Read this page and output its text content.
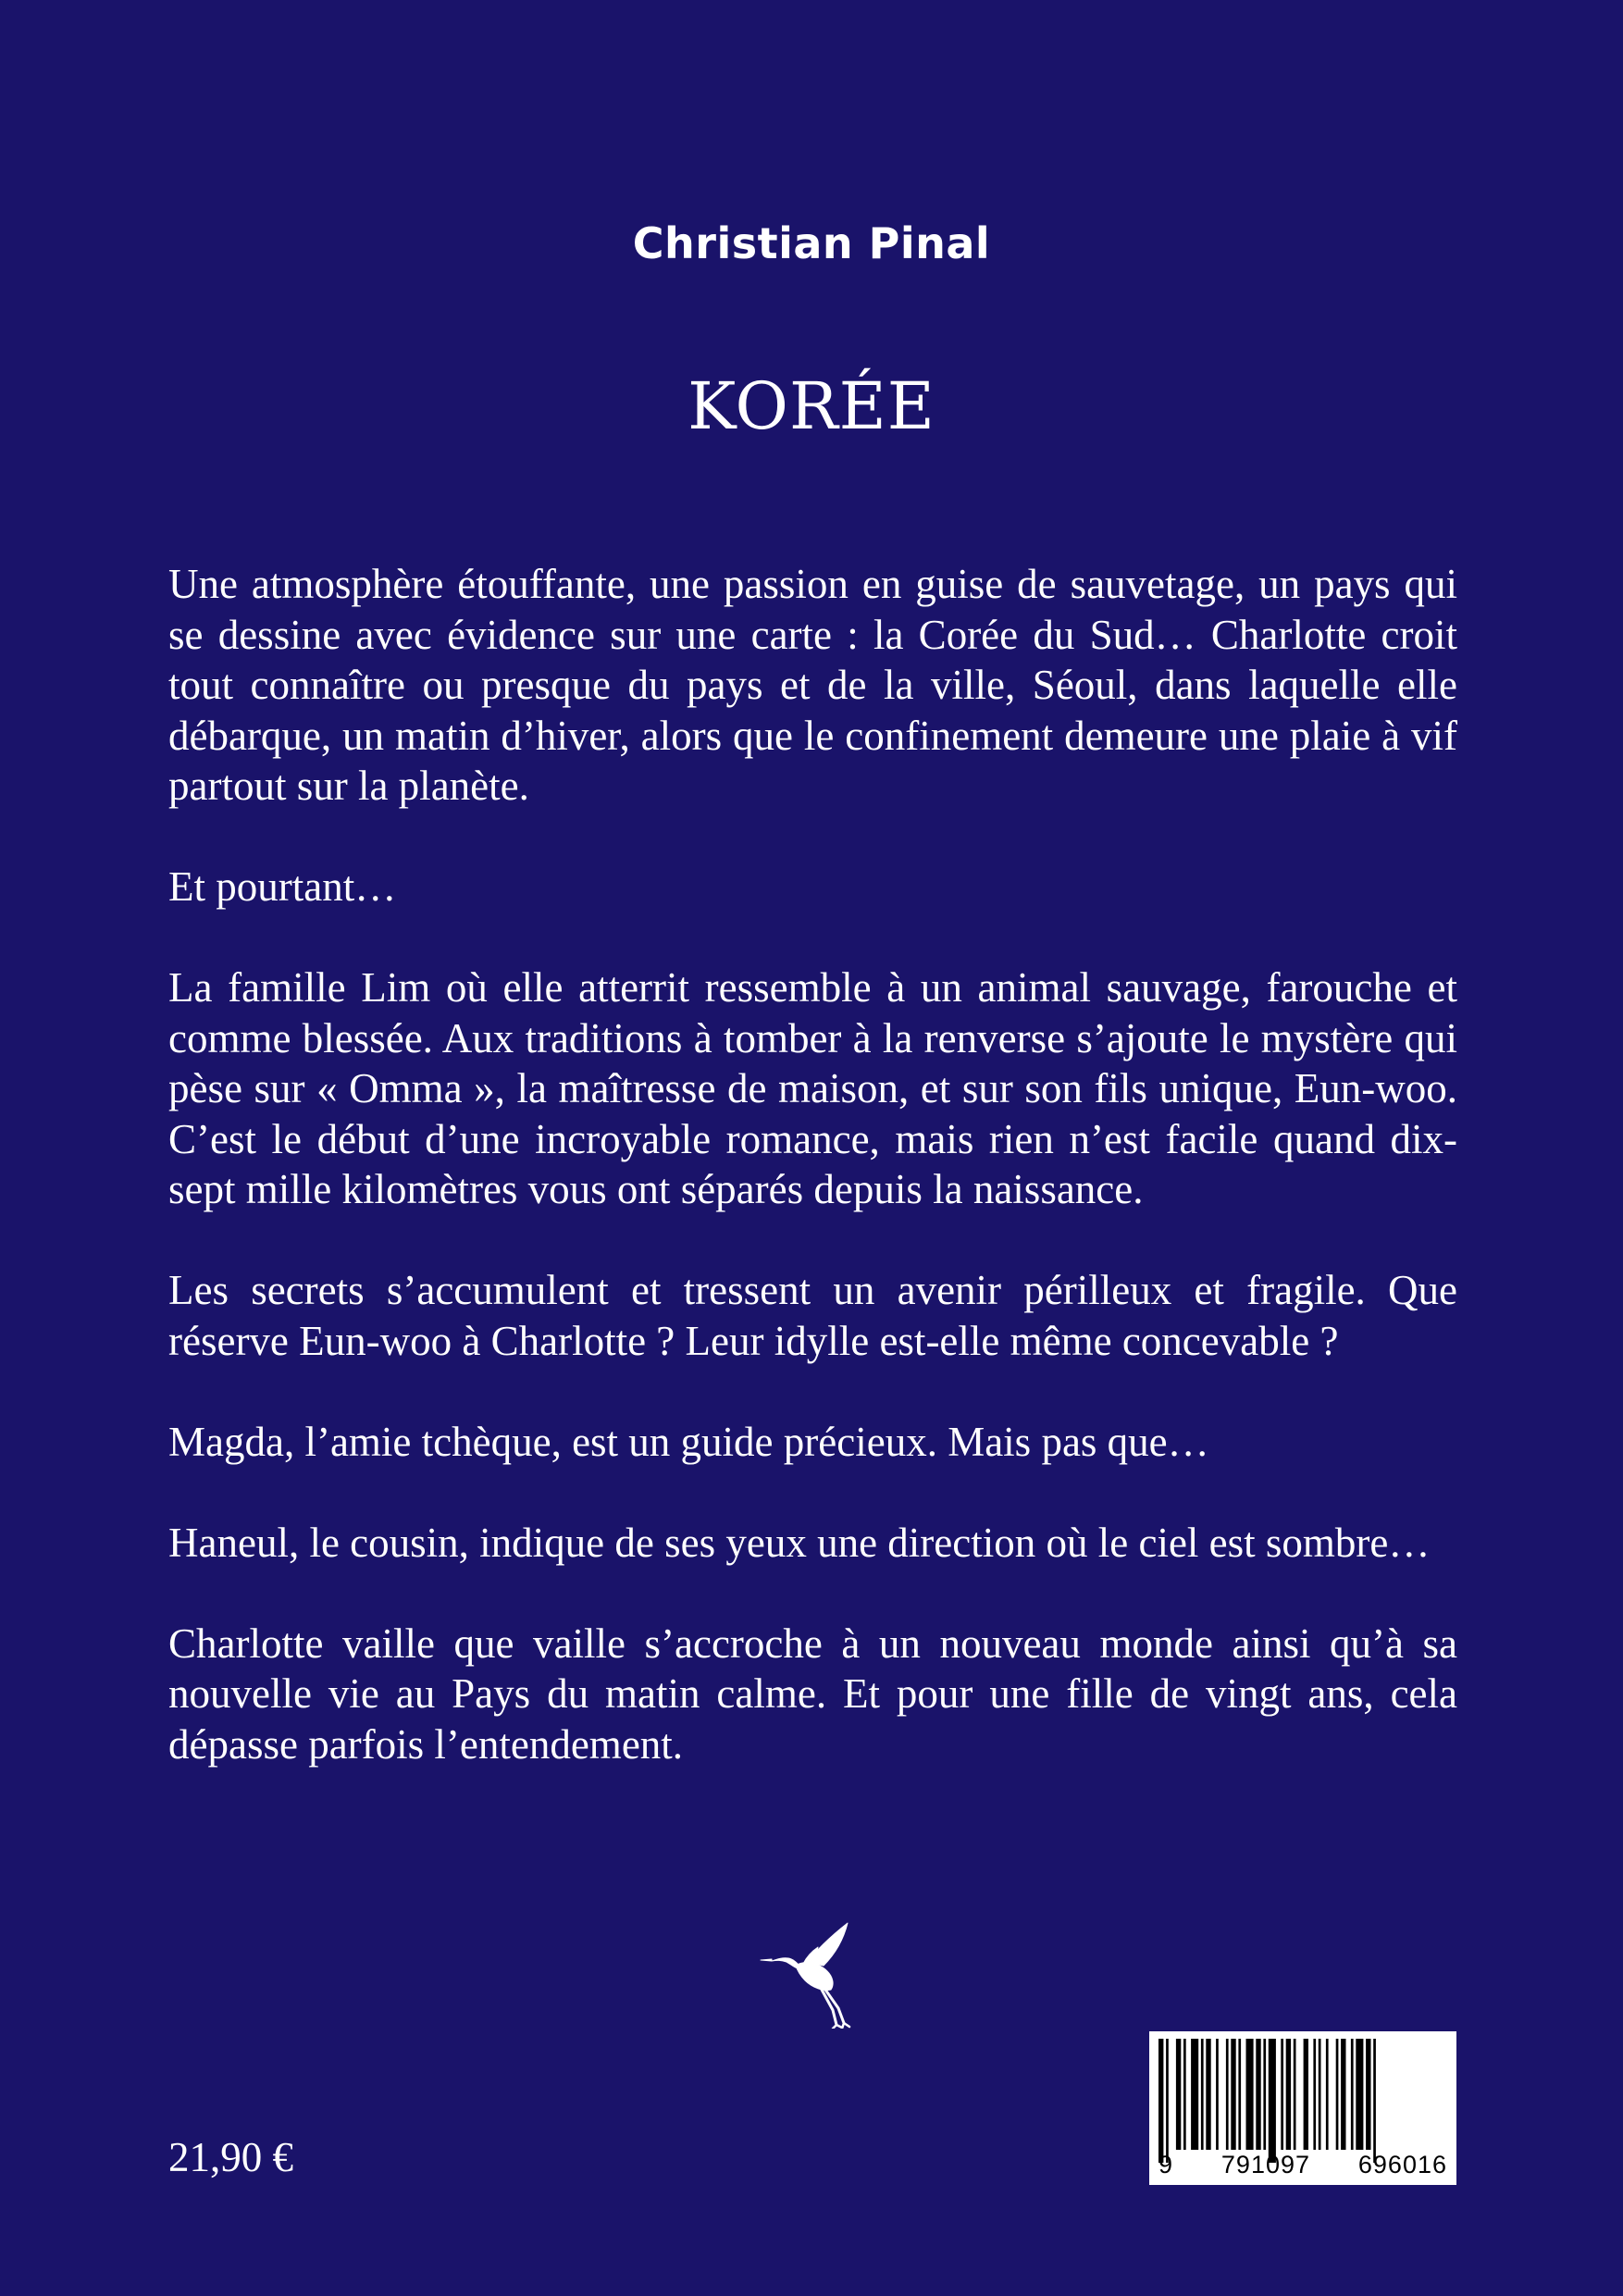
Christian Pinal
KORÉE

Une atmosphère étouffante, une passion en guise de sauvetage, un pays qui se dessine avec évidence sur une carte : la Corée du Sud… Charlotte croit tout connaître ou presque du pays et de la ville, Séoul, dans laquelle elle débarque, un matin d’hiver, alors que le confinement demeure une plaie à vif partout sur la planète.

Et pourtant…

La famille Lim où elle atterrit ressemble à un animal sauvage, farouche et comme blessée. Aux traditions à tomber à la renverse s’ajoute le mystère qui pèse sur « Omma », la maîtresse de maison, et sur son fils unique, Eun-woo. C’est le début d’une incroyable romance, mais rien n’est facile quand dix-sept mille kilomètres vous ont séparés depuis la naissance.

Les secrets s’accumulent et tressent un avenir périlleux et fragile. Que réserve Eun-woo à Charlotte ? Leur idylle est-elle même concevable ?

Magda, l’amie tchèque, est un guide précieux. Mais pas que…

Haneul, le cousin, indique de ses yeux une direction où le ciel est sombre…

Charlotte vaille que vaille s’accroche à un nouveau monde ainsi qu’à sa nouvelle vie au Pays du matin calme. Et pour une fille de vingt ans, cela dépasse parfois l’entendement.

21,90 €	9 791097 696016
